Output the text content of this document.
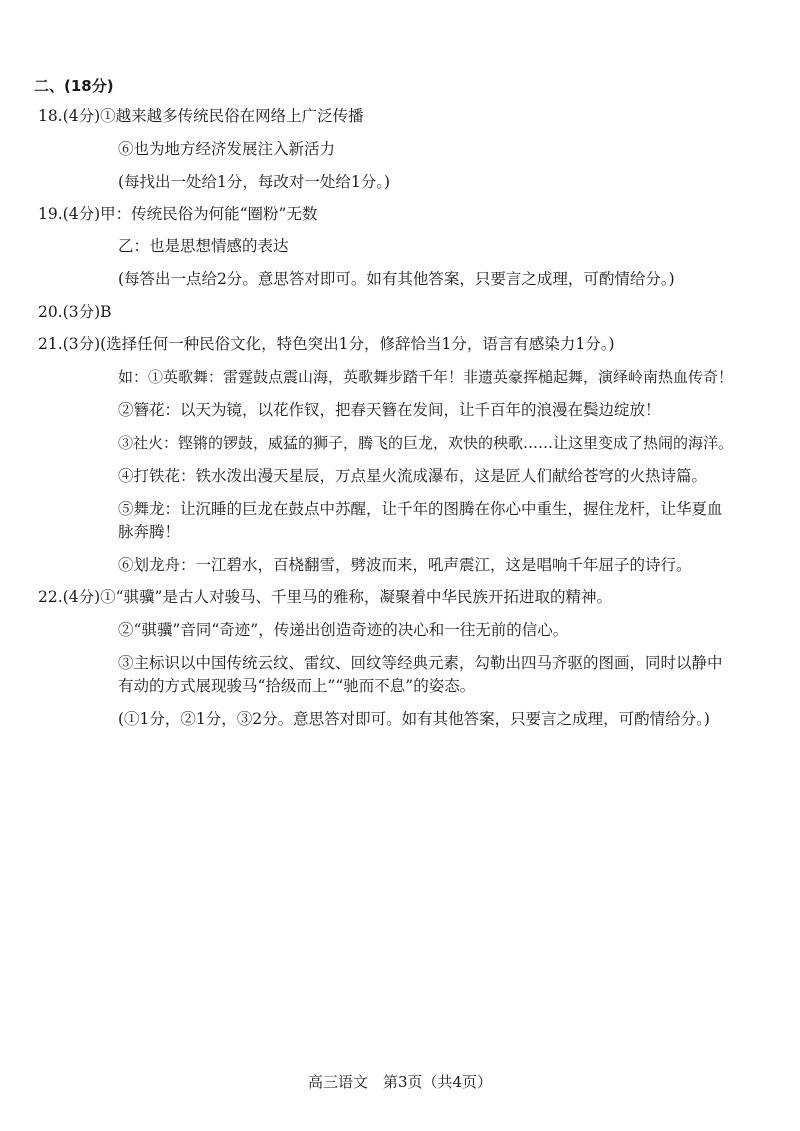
二、(18分)
18.(4分)①越来越多传统民俗在网络上广泛传播
⑥也为地方经济发展注入新活力
(每找出一处给1分，每改对一处给1分。)
19.(4分)甲：传统民俗为何能“圈粉”无数
乙：也是思想情感的表达
(每答出一点给2分。意思答对即可。如有其他答案，只要言之成理，可酌情给分。)
20.(3分)B
21.(3分)(选择任何一种民俗文化，特色突出1分，修辞恰当1分，语言有感染力1分。)
如：①英歌舞：雷霆鼓点震山海，英歌舞步踏千年！非遗英豪挥槌起舞，演绎岭南热血传奇！
②簪花：以天为镜，以花作钗，把春天簪在发间，让千百年的浪漫在鬓边绽放！
③社火：铿锵的锣鼓，威猛的狮子，腾飞的巨龙，欢快的秧歌……让这里变成了热闹的海洋。
④打铁花：铁水泼出漫天星辰，万点星火流成瀑布，这是匠人们献给苍穹的火热诗篇。
⑤舞龙：让沉睡的巨龙在鼓点中苏醒，让千年的图腾在你心中重生，握住龙杆，让华夏血
脉奔腾！
⑥划龙舟：一江碧水，百桡翻雪，劈波而来，吼声震江，这是唱响千年屈子的诗行。
22.(4分)①“骐骥”是古人对骏马、千里马的雅称，凝聚着中华民族开拓进取的精神。
②“骐骥”音同“奇迹”，传递出创造奇迹的决心和一往无前的信心。
③主标识以中国传统云纹、雷纹、回纹等经典元素，勾勒出四马齐驱的图画，同时以静中
有动的方式展现骏马“拾级而上”“驰而不息”的姿态。
(①1分，②1分，③2分。意思答对即可。如有其他答案，只要言之成理，可酌情给分。)
高三语文　第3页（共4页）
